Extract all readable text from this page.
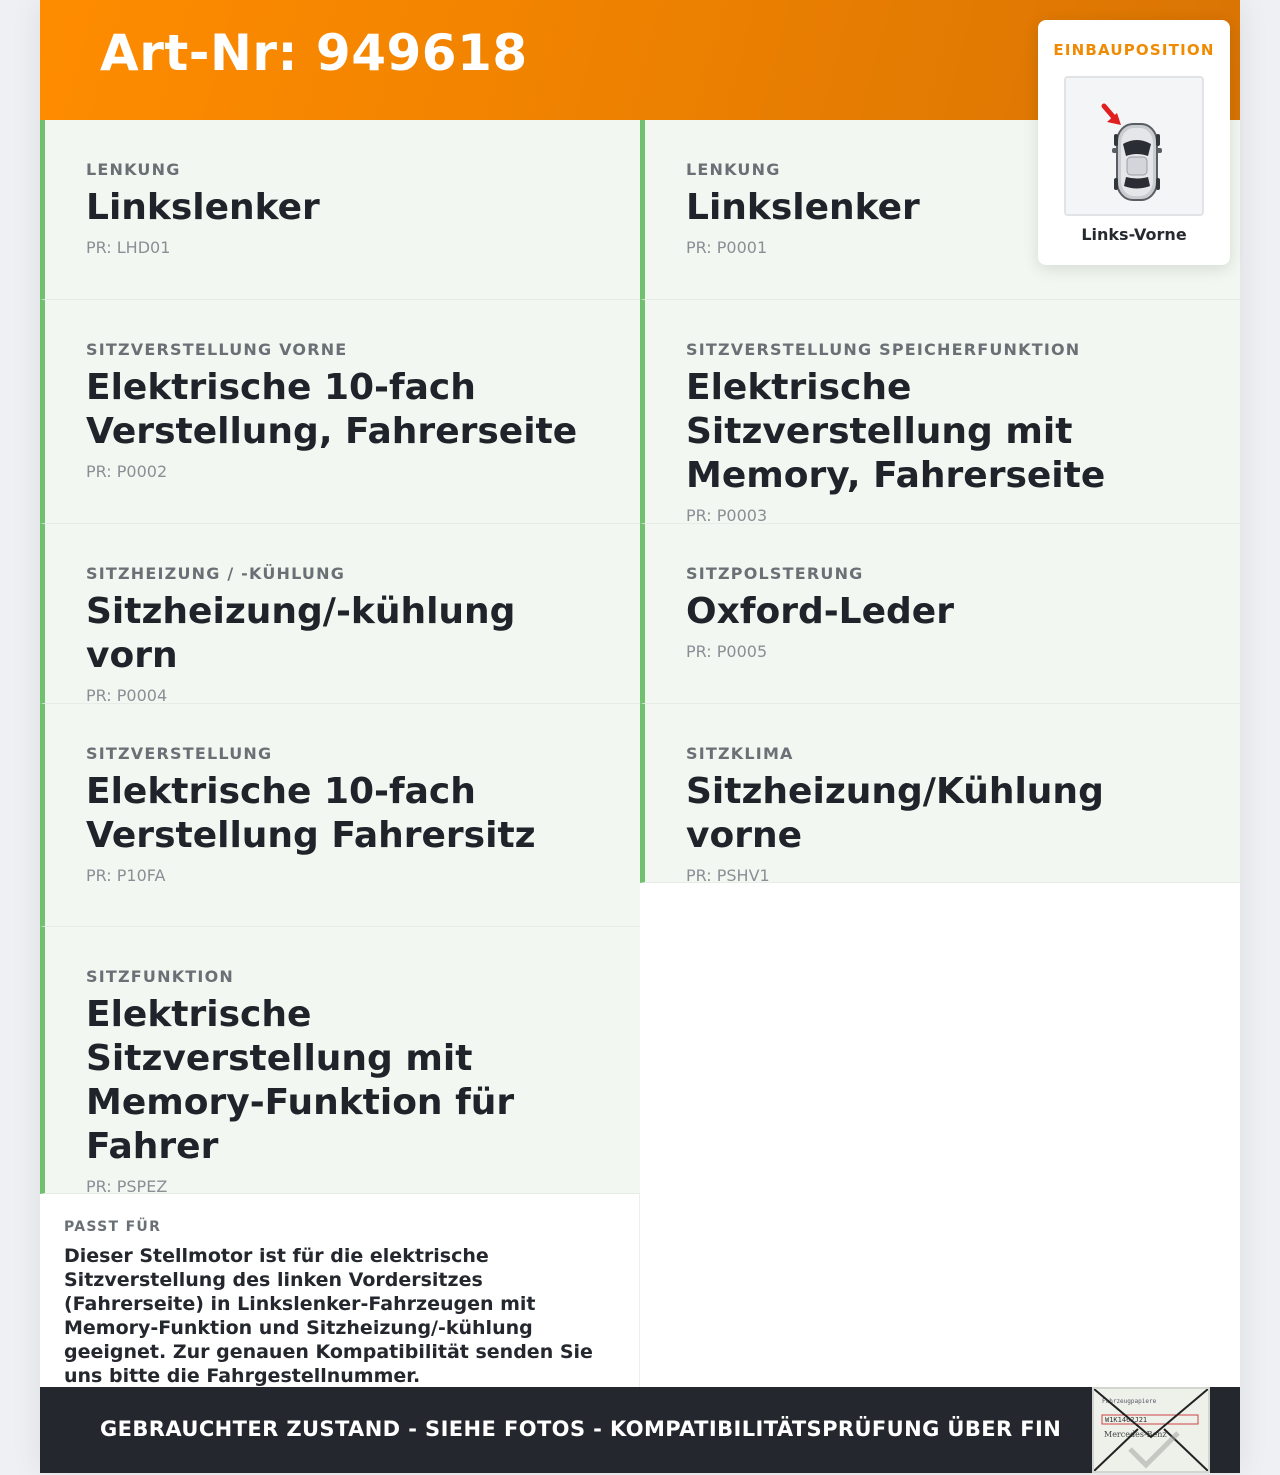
Art-Nr: 949618
LENKUNG
Linkslenker
PR: LHD01
SITZVERSTELLUNG VORNE
Elektrische 10-fach Verstellung, Fahrerseite
PR: P0002
SITZHEIZUNG / -KÜHLUNG
Sitzheizung/-kühlung vorn
PR: P0004
SITZVERSTELLUNG
Elektrische 10-fach Verstellung Fahrersitz
PR: P10FA
SITZFUNKTION
Elektrische Sitzverstellung mit Memory-Funktion für Fahrer
PR: PSPEZ
PASST FÜR
Dieser Stellmotor ist für die elektrische Sitzverstellung des linken Vordersitzes (Fahrerseite) in Linkslenker-Fahrzeugen mit Memory-Funktion und Sitzheizung/-kühlung geeignet. Zur genauen Kompatibilität senden Sie uns bitte die Fahrgestellnummer.
LENKUNG
Linkslenker
PR: P0001
SITZVERSTELLUNG SPEICHERFUNKTION
Elektrische Sitzverstellung mit Memory, Fahrerseite
PR: P0003
SITZPOLSTERUNG
Oxford-Leder
PR: P0005
SITZKLIMA
Sitzheizung/Kühlung vorne
PR: PSHV1
EINBAUPOSITION
Links-Vorne
GEBRAUCHTER ZUSTAND - SIEHE FOTOS - KOMPATIBILITÄTSPRÜFUNG ÜBER FIN
Fahrzeugpapiere
W1K1462J21
Mercedes-Benz
